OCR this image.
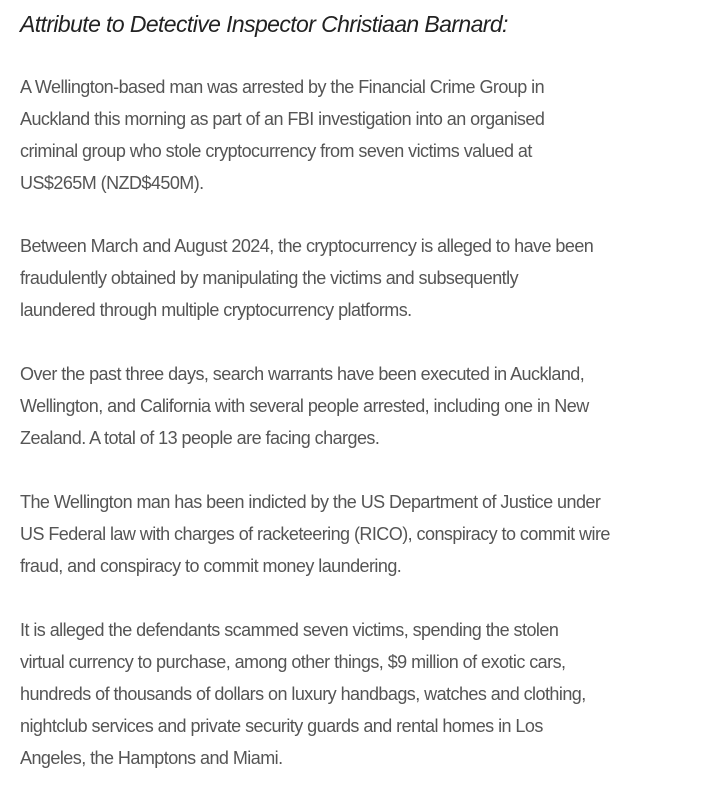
Attribute to Detective Inspector Christiaan Barnard:

A Wellington-based man was arrested by the Financial Crime Group in
Auckland this morning as part of an FBI investigation into an organised
criminal group who stole cryptocurrency from seven victims valued at
US$265M (NZD$450M).

Between March and August 2024, the cryptocurrency is alleged to have been
fraudulently obtained by manipulating the victims and subsequently
laundered through multiple cryptocurrency platforms.

Over the past three days, search warrants have been executed in Auckland,
Wellington, and California with several people arrested, including one in New
Zealand. A total of 13 people are facing charges.

The Wellington man has been indicted by the US Department of Justice under
US Federal law with charges of racketeering (RICO), conspiracy to commit wire
fraud, and conspiracy to commit money laundering.

It is alleged the defendants scammed seven victims, spending the stolen
virtual currency to purchase, among other things, $9 million of exotic cars,
hundreds of thousands of dollars on luxury handbags, watches and clothing,
nightclub services and private security guards and rental homes in Los
Angeles, the Hamptons and Miami.
